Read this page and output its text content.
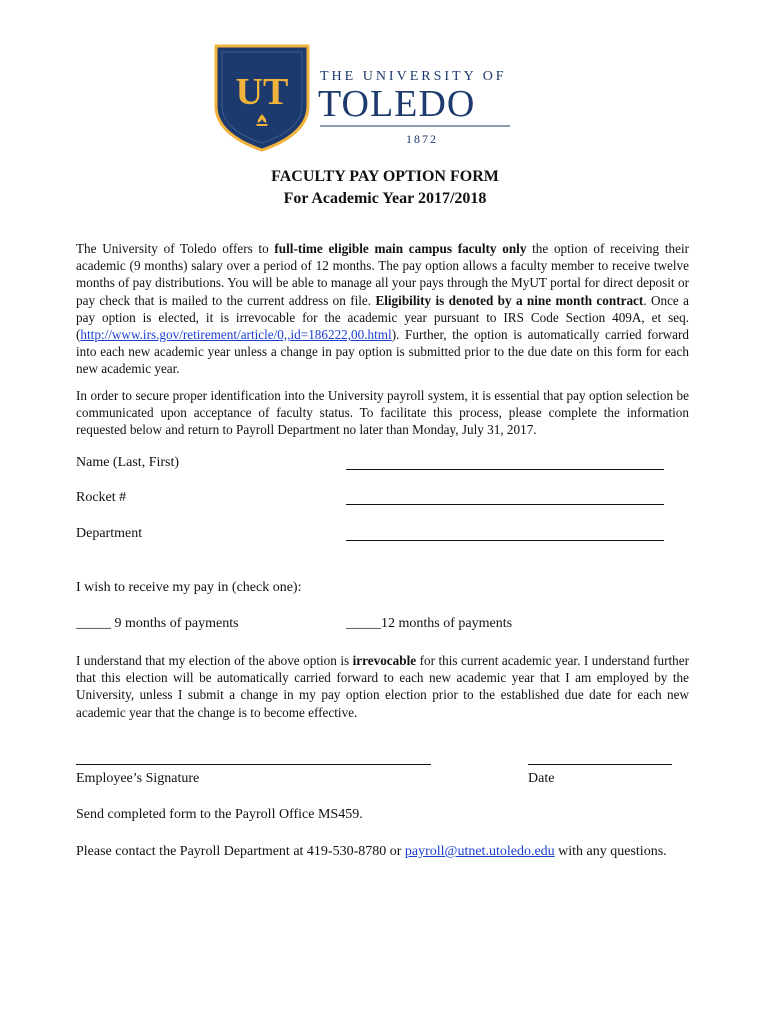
UT THE UNIVERSITY OF
TOLEDO
1872
FACULTY PAY OPTION FORM
For Academic Year 2017/2018
The University of Toledo offers to full-time eligible main campus faculty only the option of receiving their academic (9 months) salary over a period of 12 months. The pay option allows a faculty member to receive twelve months of pay distributions. You will be able to manage all your pays through the MyUT portal for direct deposit or pay check that is mailed to the current address on file. Eligibility is denoted by a nine month contract. Once a pay option is elected, it is irrevocable for the academic year pursuant to IRS Code Section 409A, et seq. (http://www.irs.gov/retirement/article/0,,id=186222,00.html). Further, the option is automatically carried forward into each new academic year unless a change in pay option is submitted prior to the due date on this form for each new academic year.
In order to secure proper identification into the University payroll system, it is essential that pay option selection be communicated upon acceptance of faculty status. To facilitate this process, please complete the information requested below and return to Payroll Department no later than Monday, July 31, 2017.
Name (Last, First)
Rocket #
Department
I wish to receive my pay in (check one):
_____ 9 months of payments	_____12 months of payments
I understand that my election of the above option is irrevocable for this current academic year. I understand further that this election will be automatically carried forward to each new academic year that I am employed by the University, unless I submit a change in my pay option election prior to the established due date for each new academic year that the change is to become effective.
Employee’s Signature	Date
Send completed form to the Payroll Office MS459.
Please contact the Payroll Department at 419-530-8780 or payroll@utnet.utoledo.edu with any questions.
